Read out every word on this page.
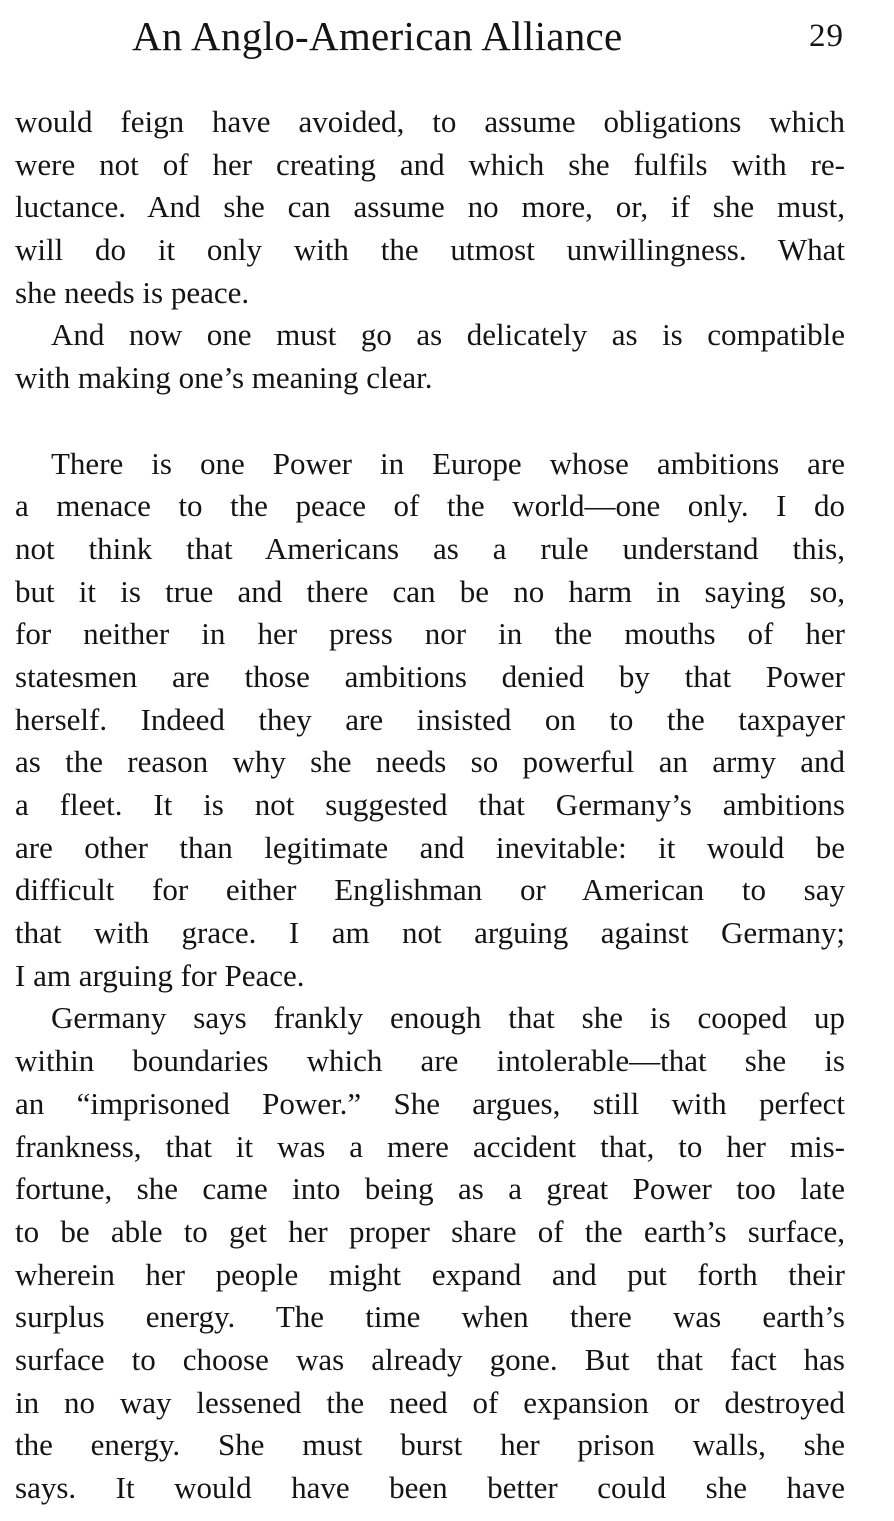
An Anglo-American Alliance	29

would feign have avoided, to assume obligations which
were not of her creating and which she fulfils with re-
luctance. And she can assume no more, or, if she must,
will do it only with the utmost unwillingness. What
she needs is peace.

And now one must go as delicately as is compatible
with making one’s meaning clear.

There is one Power in Europe whose ambitions are
a menace to the peace of the world—one only. I do
not think that Americans as a rule understand this,
but it is true and there can be no harm in saying so,
for neither in her press nor in the mouths of her
statesmen are those ambitions denied by that Power
herself. Indeed they are insisted on to the taxpayer
as the reason why she needs so powerful an army and
a fleet. It is not suggested that Germany’s ambitions
are other than legitimate and inevitable: it would be
difficult for either Englishman or American to say
that with grace. I am not arguing against Germany;
I am arguing for Peace.

Germany says frankly enough that she is cooped up
within boundaries which are intolerable—that she is
an “imprisoned Power.” She argues, still with perfect
frankness, that it was a mere accident that, to her mis-
fortune, she came into being as a great Power too late
to be able to get her proper share of the earth’s surface,
wherein her people might expand and put forth their
surplus energy. The time when there was earth’s
surface to choose was already gone. But that fact has
in no way lessened the need of expansion or destroyed
the energy. She must burst her prison walls, she
says. It would have been better could she have
